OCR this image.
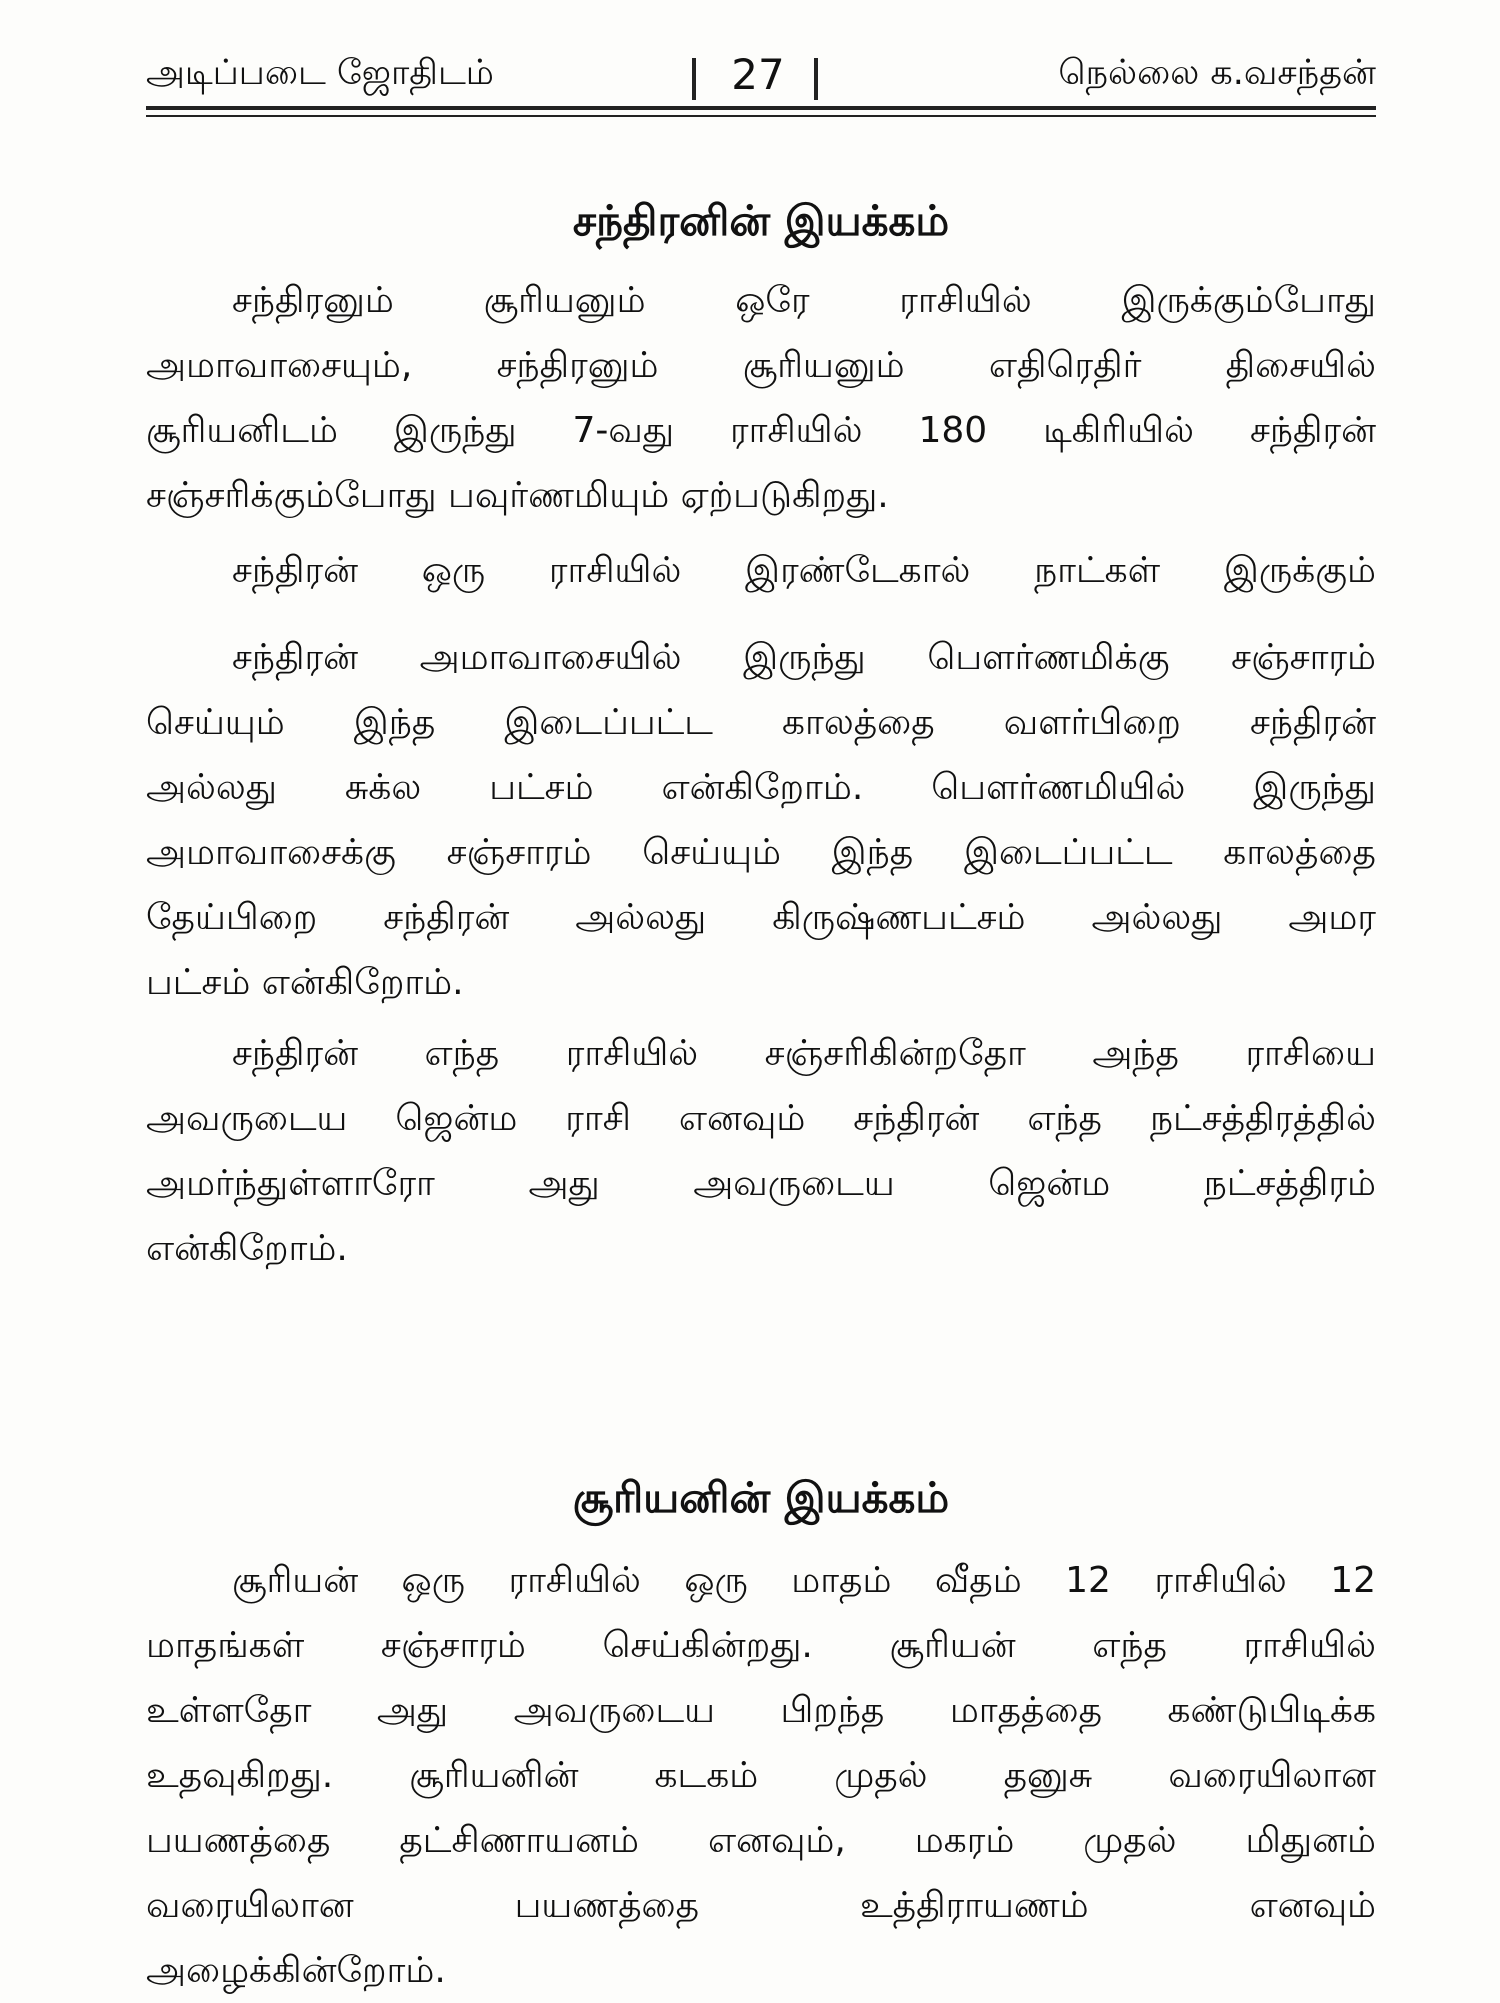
அடிப்படை ஜோதிடம்	27	நெல்லை க.வசந்தன்
சந்திரனின் இயக்கம்
சந்திரனும் சூரியனும் ஒரே ராசியில் இருக்கும்போது
அமாவாசையும், சந்திரனும் சூரியனும் எதிரெதிர் திசையில்
சூரியனிடம் இருந்து 7-வது ராசியில் 180 டிகிரியில் சந்திரன்
சஞ்சரிக்கும்போது பவுர்ணமியும் ஏற்படுகிறது.
சந்திரன் ஒரு ராசியில் இரண்டேகால் நாட்கள் இருக்கும்
சந்திரன் அமாவாசையில் இருந்து பௌர்ணமிக்கு சஞ்சாரம்
செய்யும் இந்த இடைப்பட்ட காலத்தை வளர்பிறை சந்திரன்
அல்லது சுக்ல பட்சம் என்கிறோம். பௌர்ணமியில் இருந்து
அமாவாசைக்கு சஞ்சாரம் செய்யும் இந்த இடைப்பட்ட காலத்தை
தேய்பிறை சந்திரன் அல்லது கிருஷ்ணபட்சம் அல்லது அமர
பட்சம் என்கிறோம்.
சந்திரன் எந்த ராசியில் சஞ்சரிகின்றதோ அந்த ராசியை
அவருடைய ஜென்ம ராசி எனவும் சந்திரன் எந்த நட்சத்திரத்தில்
அமர்ந்துள்ளாரோ அது அவருடைய ஜென்ம நட்சத்திரம்
என்கிறோம்.
சூரியனின் இயக்கம்
சூரியன் ஒரு ராசியில் ஒரு மாதம் வீதம் 12 ராசியில் 12
மாதங்கள் சஞ்சாரம் செய்கின்றது. சூரியன் எந்த ராசியில்
உள்ளதோ அது அவருடைய பிறந்த மாதத்தை கண்டுபிடிக்க
உதவுகிறது. சூரியனின் கடகம் முதல் தனுசு வரையிலான
பயணத்தை தட்சிணாயனம் எனவும், மகரம் முதல் மிதுனம்
வரையிலான பயணத்தை உத்திராயணம் எனவும்
அழைக்கின்றோம்.
